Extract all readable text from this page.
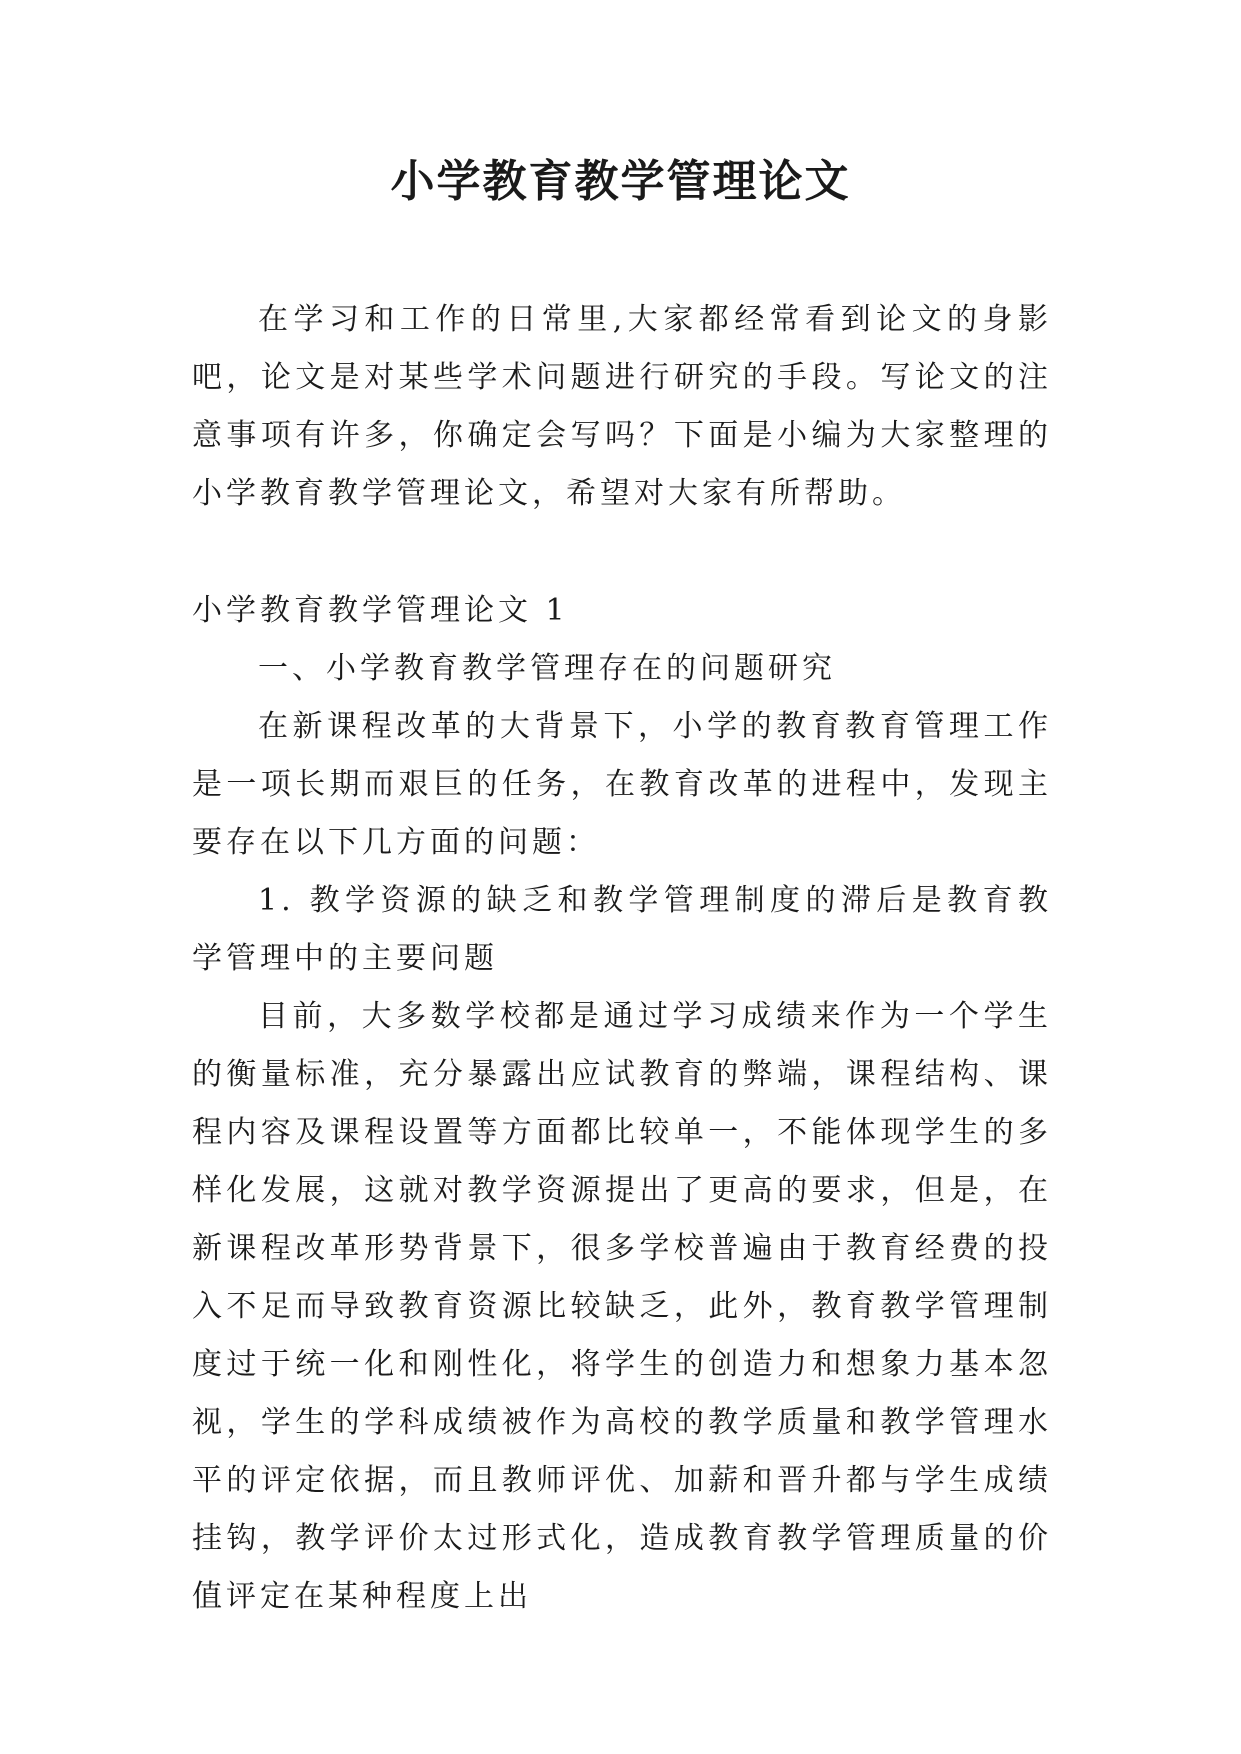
小学教育教学管理论文

在学习和工作的日常里,大家都经常看到论文的身影吧，论文是对某些学术问题进行研究的手段。写论文的注意事项有许多，你确定会写吗？下面是小编为大家整理的小学教育教学管理论文，希望对大家有所帮助。

小学教育教学管理论文 1

一、小学教育教学管理存在的问题研究

在新课程改革的大背景下，小学的教育教育管理工作是一项长期而艰巨的任务，在教育改革的进程中，发现主要存在以下几方面的问题：

1. 教学资源的缺乏和教学管理制度的滞后是教育教学管理中的主要问题

目前，大多数学校都是通过学习成绩来作为一个学生的衡量标准，充分暴露出应试教育的弊端，课程结构、课程内容及课程设置等方面都比较单一，不能体现学生的多样化发展，这就对教学资源提出了更高的要求，但是，在新课程改革形势背景下，很多学校普遍由于教育经费的投入不足而导致教育资源比较缺乏，此外，教育教学管理制度过于统一化和刚性化，将学生的创造力和想象力基本忽视，学生的学科成绩被作为高校的教学质量和教学管理水平的评定依据，而且教师评优、加薪和晋升都与学生成绩挂钩，教学评价太过形式化，造成教育教学管理质量的价值评定在某种程度上出
